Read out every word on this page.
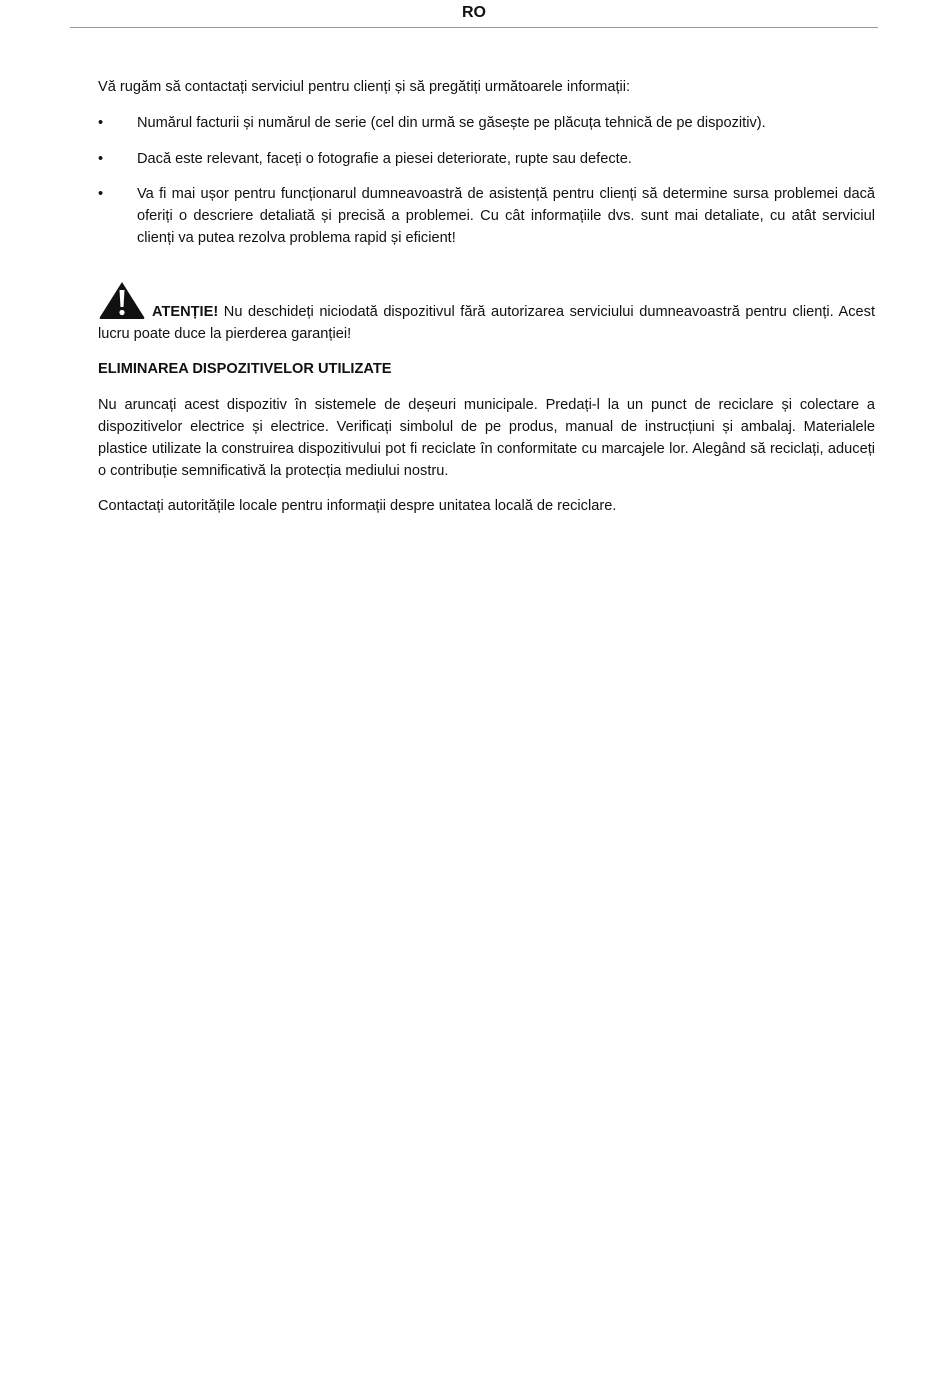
RO

Vă rugăm să contactați serviciul pentru clienți și să pregătiți următoarele informații:

• Numărul facturii și numărul de serie (cel din urmă se găsește pe plăcuța tehnică de pe dispozitiv).
• Dacă este relevant, faceți o fotografie a piesei deteriorate, rupte sau defecte.
• Va fi mai ușor pentru funcționarul dumneavoastră de asistență pentru clienți să determine sursa problemei dacă oferiți o descriere detaliată și precisă a problemei. Cu cât informațiile dvs. sunt mai detaliate, cu atât serviciul clienți va putea rezolva problema rapid și eficient!

ATENȚIE! Nu deschideți niciodată dispozitivul fără autorizarea serviciului dumneavoastră pentru clienți. Acest lucru poate duce la pierderea garanției!

ELIMINAREA DISPOZITIVELOR UTILIZATE

Nu aruncați acest dispozitiv în sistemele de deșeuri municipale. Predați-l la un punct de reciclare și colectare a dispozitivelor electrice și electrice. Verificați simbolul de pe produs, manual de instrucțiuni și ambalaj. Materialele plastice utilizate la construirea dispozitivului pot fi reciclate în conformitate cu marcajele lor. Alegând să reciclați, aduceți o contribuție semnificativă la protecția mediului nostru.

Contactați autoritățile locale pentru informații despre unitatea locală de reciclare.
